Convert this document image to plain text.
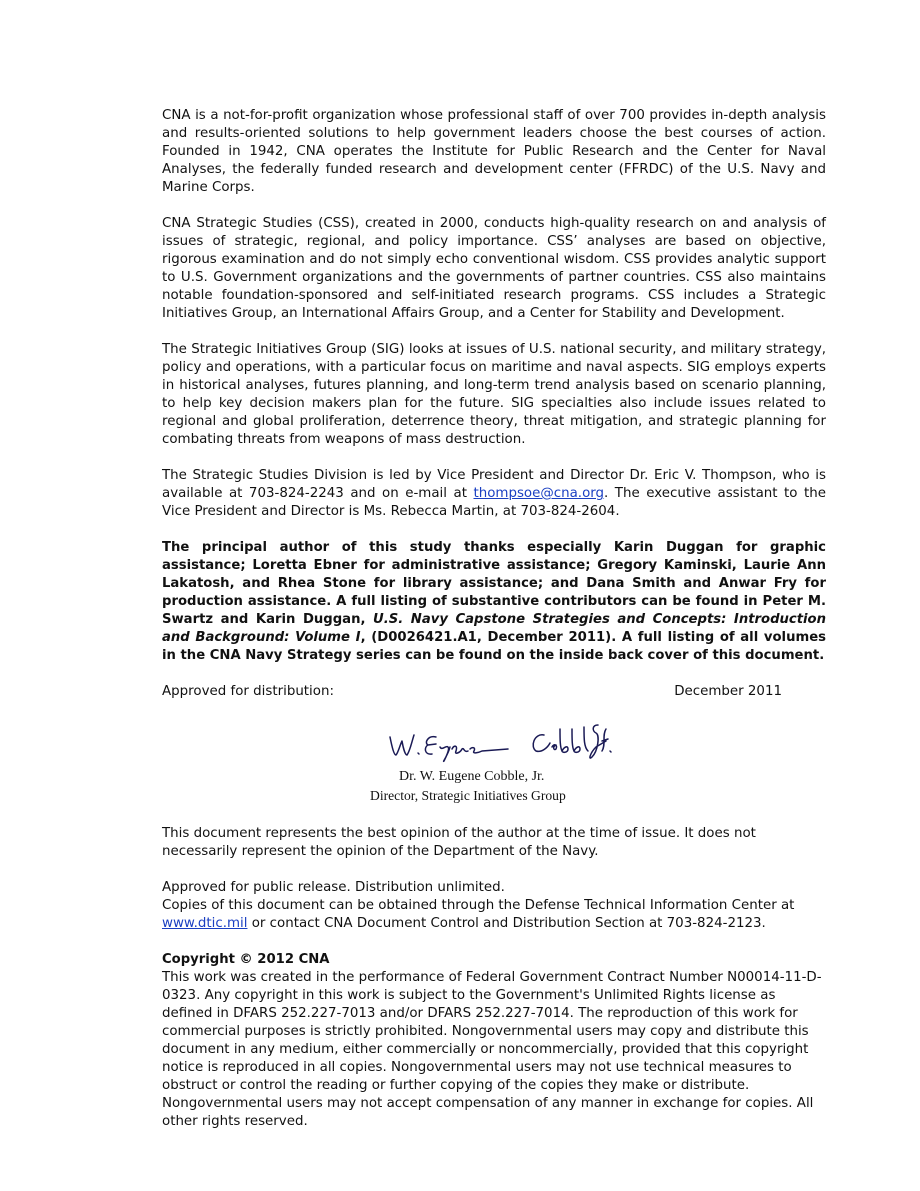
CNA is a not-for-profit organization whose professional staff of over 700 provides in-depth analysis and results-oriented solutions to help government leaders choose the best courses of action. Founded in 1942, CNA operates the Institute for Public Research and the Center for Naval Analyses, the federally funded research and development center (FFRDC) of the U.S. Navy and Marine Corps.

CNA Strategic Studies (CSS), created in 2000, conducts high-quality research on and analysis of issues of strategic, regional, and policy importance. CSS’ analyses are based on objective, rigorous examination and do not simply echo conventional wisdom. CSS provides analytic support to U.S. Government organizations and the governments of partner countries. CSS also maintains notable foundation-sponsored and self-initiated research programs. CSS includes a Strategic Initiatives Group, an International Affairs Group, and a Center for Stability and Development.

The Strategic Initiatives Group (SIG) looks at issues of U.S. national security, and military strategy, policy and operations, with a particular focus on maritime and naval aspects. SIG employs experts in historical analyses, futures planning, and long-term trend analysis based on scenario planning, to help key decision makers plan for the future. SIG specialties also include issues related to regional and global proliferation, deterrence theory, threat mitigation, and strategic planning for combating threats from weapons of mass destruction.

The Strategic Studies Division is led by Vice President and Director Dr. Eric V. Thompson, who is available at 703-824-2243 and on e-mail at thompsoe@cna.org. The executive assistant to the Vice President and Director is Ms. Rebecca Martin, at 703-824-2604.

The principal author of this study thanks especially Karin Duggan for graphic assistance; Loretta Ebner for administrative assistance; Gregory Kaminski, Laurie Ann Lakatosh, and Rhea Stone for library assistance; and Dana Smith and Anwar Fry for production assistance. A full listing of substantive contributors can be found in Peter M. Swartz and Karin Duggan, U.S. Navy Capstone Strategies and Concepts: Introduction and Background: Volume I, (D0026421.A1, December 2011). A full listing of all volumes in the CNA Navy Strategy series can be found on the inside back cover of this document.

Approved for distribution:	December 2011
Dr. W. Eugene Cobble, Jr.
Director, Strategic Initiatives Group

This document represents the best opinion of the author at the time of issue. It does not necessarily represent the opinion of the Department of the Navy.

Approved for public release. Distribution unlimited.

Copies of this document can be obtained through the Defense Technical Information Center at

www.dtic.mil or contact CNA Document Control and Distribution Section at 703-824-2123.

Copyright © 2012 CNA

This work was created in the performance of Federal Government Contract Number N00014-11-D-0323. Any copyright in this work is subject to the Government's Unlimited Rights license as defined in DFARS 252.227-7013 and/or DFARS 252.227-7014. The reproduction of this work for commercial purposes is strictly prohibited. Nongovernmental users may copy and distribute this document in any medium, either commercially or noncommercially, provided that this copyright notice is reproduced in all copies. Nongovernmental users may not use technical measures to obstruct or control the reading or further copying of the copies they make or distribute. Nongovernmental users may not accept compensation of any manner in exchange for copies. All other rights reserved.
